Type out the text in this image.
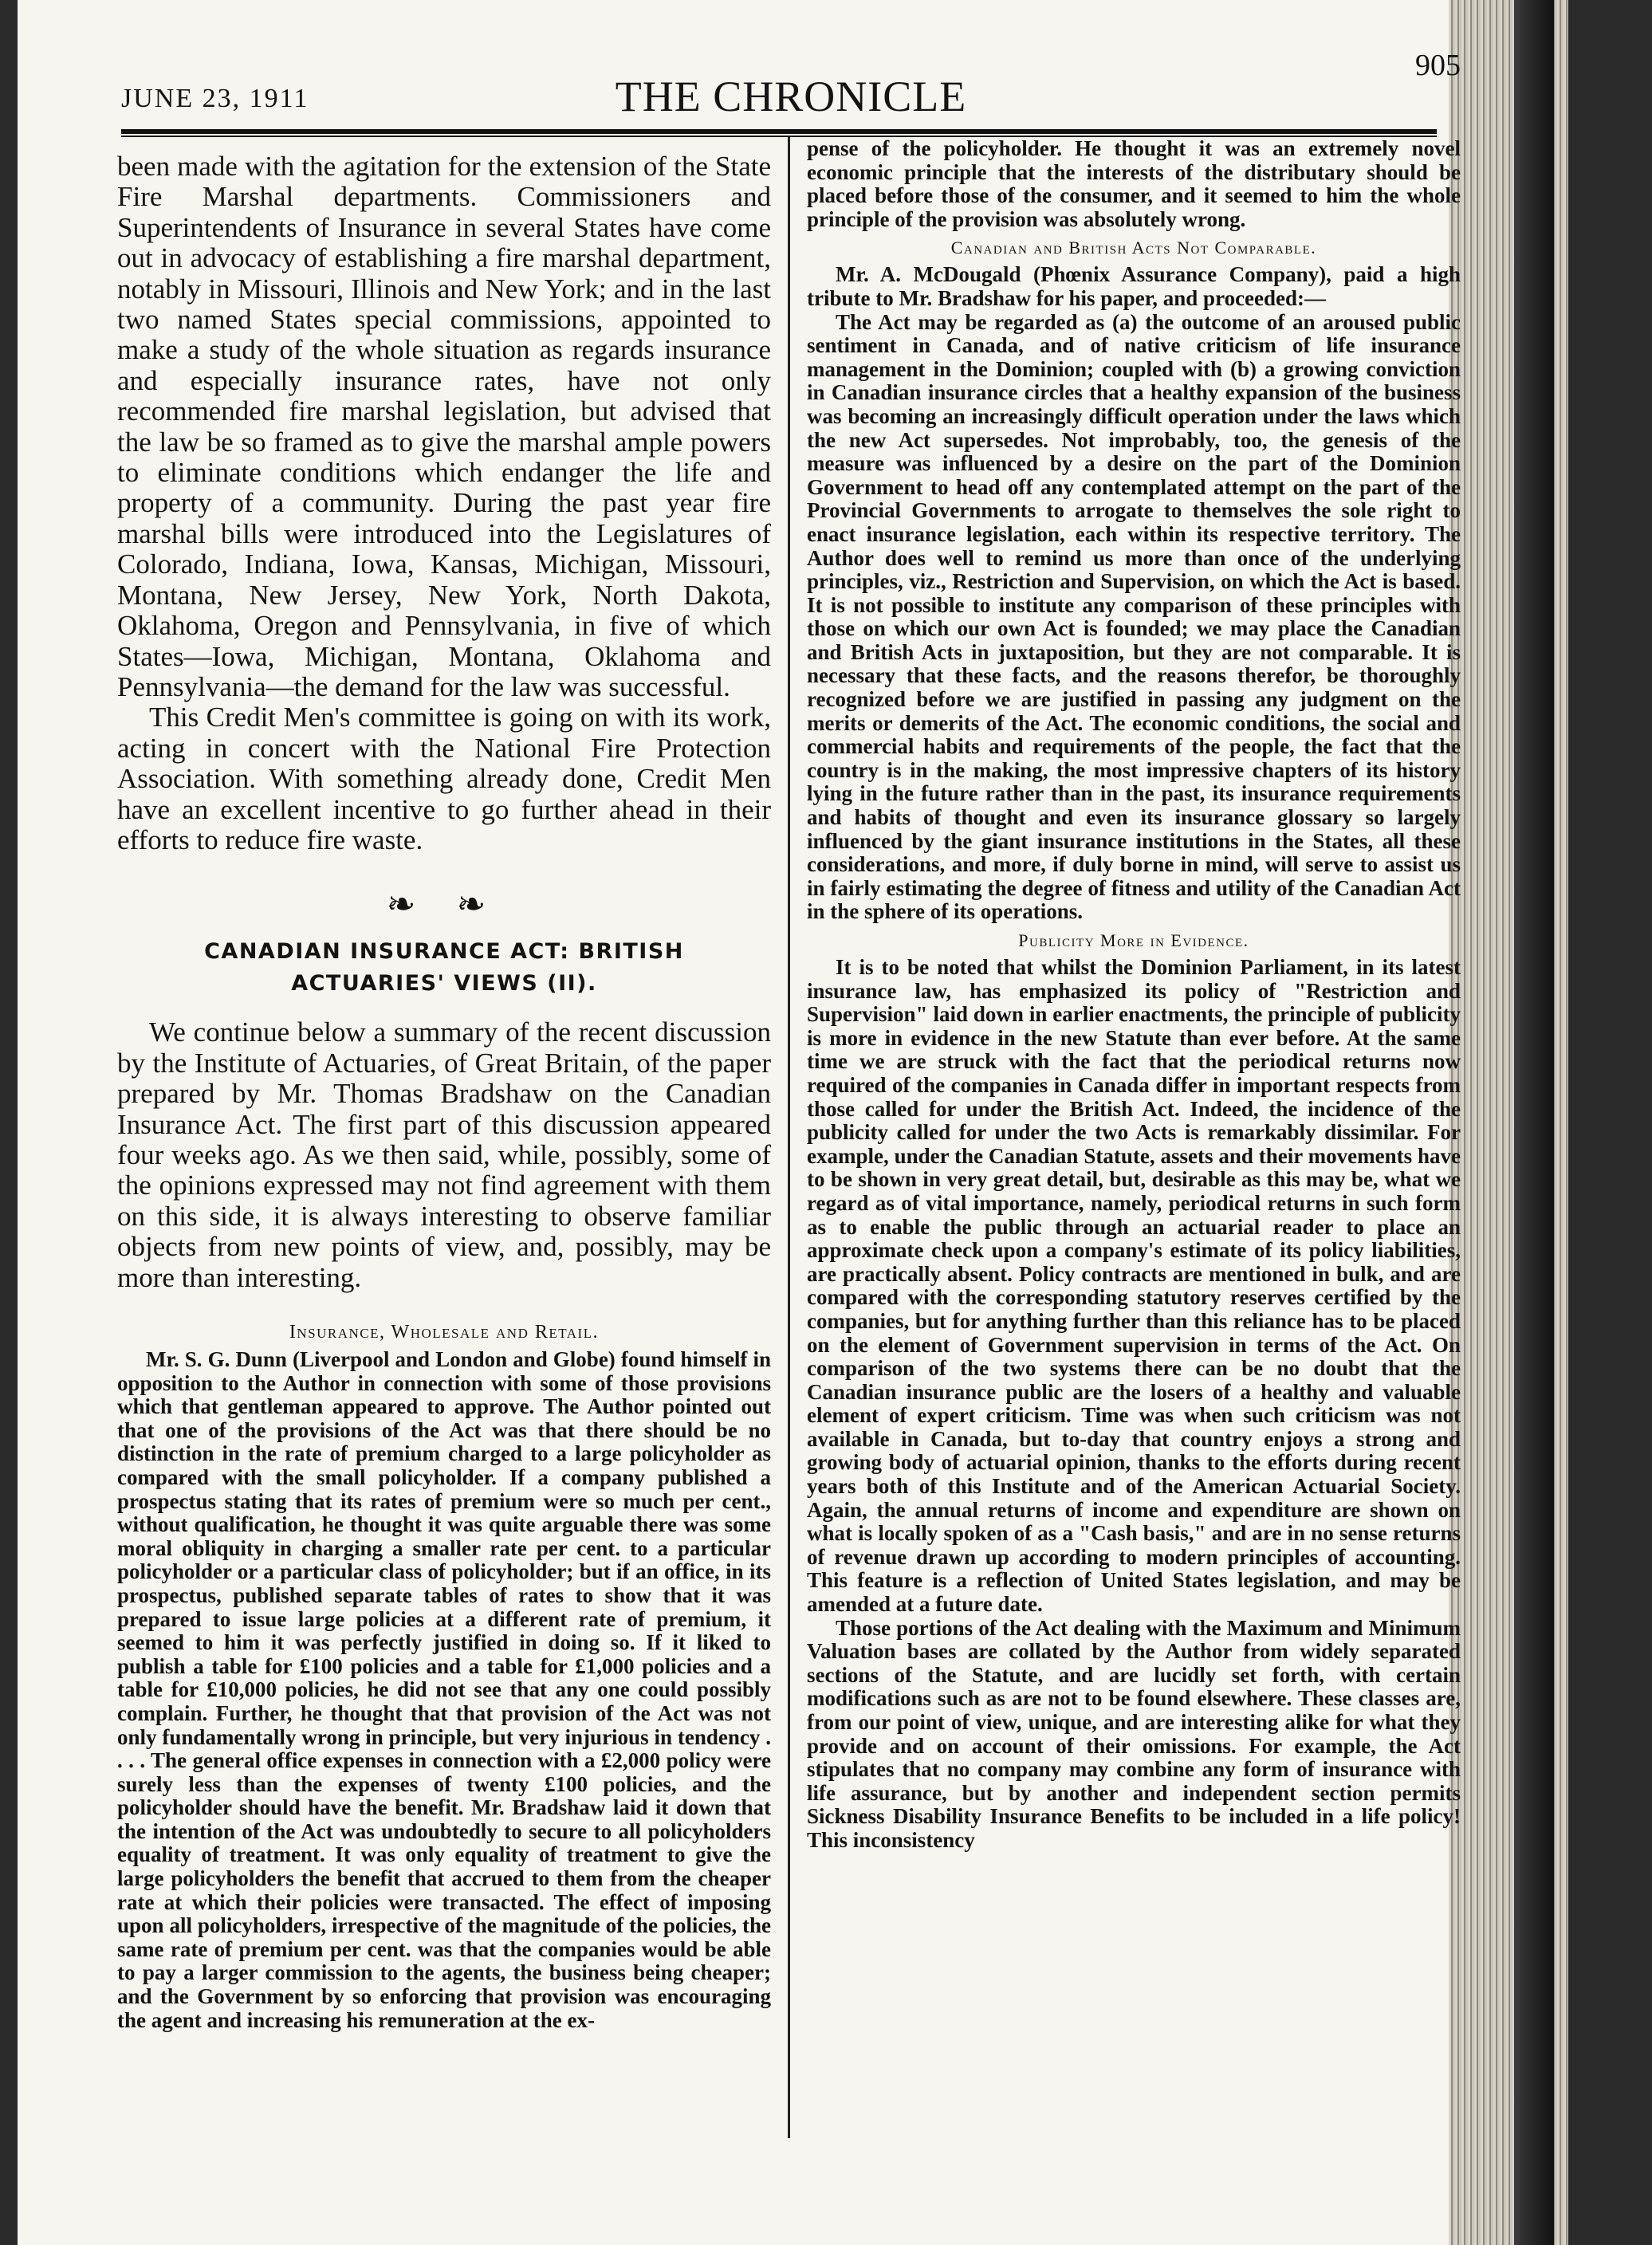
JUNE 23, 1911	THE CHRONICLE
905

been made with the agitation for the extension of the State Fire Marshal departments. Commissioners and Superintendents of Insurance in several States have come out in advocacy of establishing a fire marshal department, notably in Missouri, Illinois and New York; and in the last two named States special commissions, appointed to make a study of the whole situation as regards insurance and especially insurance rates, have not only recommended fire marshal legislation, but advised that the law be so framed as to give the marshal ample powers to eliminate conditions which endanger the life and property of a community. During the past year fire marshal bills were introduced into the Legislatures of Colorado, Indiana, Iowa, Kansas, Michigan, Missouri, Montana, New Jersey, New York, North Dakota, Oklahoma, Oregon and Pennsylvania, in five of which States—Iowa, Michigan, Montana, Oklahoma and Pennsylvania—the demand for the law was successful.

This Credit Men's committee is going on with its work, acting in concert with the National Fire Protection Association. With something already done, Credit Men have an excellent incentive to go further ahead in their efforts to reduce fire waste.

❧ ❧
CANADIAN INSURANCE ACT: BRITISH
ACTUARIES' VIEWS (II).

We continue below a summary of the recent discussion by the Institute of Actuaries, of Great Britain, of the paper prepared by Mr. Thomas Bradshaw on the Canadian Insurance Act. The first part of this discussion appeared four weeks ago. As we then said, while, possibly, some of the opinions expressed may not find agreement with them on this side, it is always interesting to observe familiar objects from new points of view, and, possibly, may be more than interesting.

Insurance, Wholesale and Retail.

Mr. S. G. Dunn (Liverpool and London and Globe) found himself in opposition to the Author in connection with some of those provisions which that gentleman appeared to approve. The Author pointed out that one of the provisions of the Act was that there should be no distinction in the rate of premium charged to a large policyholder as compared with the small policyholder. If a company published a prospectus stating that its rates of premium were so much per cent., without qualification, he thought it was quite arguable there was some moral obliquity in charging a smaller rate per cent. to a particular policyholder or a particular class of policyholder; but if an office, in its prospectus, published separate tables of rates to show that it was prepared to issue large policies at a different rate of premium, it seemed to him it was perfectly justified in doing so. If it liked to publish a table for £100 policies and a table for £1,000 policies and a table for £10,000 policies, he did not see that any one could possibly complain. Further, he thought that that provision of the Act was not only fundamentally wrong in principle, but very injurious in tendency . . . . The general office expenses in connection with a £2,000 policy were surely less than the expenses of twenty £100 policies, and the policyholder should have the benefit. Mr. Bradshaw laid it down that the intention of the Act was undoubtedly to secure to all policyholders equality of treatment. It was only equality of treatment to give the large policyholders the benefit that accrued to them from the cheaper rate at which their policies were transacted. The effect of imposing upon all policyholders, irrespective of the magnitude of the policies, the same rate of premium per cent. was that the companies would be able to pay a larger commission to the agents, the business being cheaper; and the Government by so enforcing that provision was encouraging the agent and increasing his remuneration at the ex-

pense of the policyholder. He thought it was an extremely novel economic principle that the interests of the distributary should be placed before those of the consumer, and it seemed to him the whole principle of the provision was absolutely wrong.

Canadian and British Acts Not Comparable.

Mr. A. McDougald (Phœnix Assurance Company), paid a high tribute to Mr. Bradshaw for his paper, and proceeded:—

The Act may be regarded as (a) the outcome of an aroused public sentiment in Canada, and of native criticism of life insurance management in the Dominion; coupled with (b) a growing conviction in Canadian insurance circles that a healthy expansion of the business was becoming an increasingly difficult operation under the laws which the new Act supersedes. Not improbably, too, the genesis of the measure was influenced by a desire on the part of the Dominion Government to head off any contemplated attempt on the part of the Provincial Governments to arrogate to themselves the sole right to enact insurance legislation, each within its respective territory. The Author does well to remind us more than once of the underlying principles, viz., Restriction and Supervision, on which the Act is based. It is not possible to institute any comparison of these principles with those on which our own Act is founded; we may place the Canadian and British Acts in juxtaposition, but they are not comparable. It is necessary that these facts, and the reasons therefor, be thoroughly recognized before we are justified in passing any judgment on the merits or demerits of the Act. The economic conditions, the social and commercial habits and requirements of the people, the fact that the country is in the making, the most impressive chapters of its history lying in the future rather than in the past, its insurance requirements and habits of thought and even its insurance glossary so largely influenced by the giant insurance institutions in the States, all these considerations, and more, if duly borne in mind, will serve to assist us in fairly estimating the degree of fitness and utility of the Canadian Act in the sphere of its operations.

Publicity More in Evidence.

It is to be noted that whilst the Dominion Parliament, in its latest insurance law, has emphasized its policy of "Restriction and Supervision" laid down in earlier enactments, the principle of publicity is more in evidence in the new Statute than ever before. At the same time we are struck with the fact that the periodical returns now required of the companies in Canada differ in important respects from those called for under the British Act. Indeed, the incidence of the publicity called for under the two Acts is remarkably dissimilar. For example, under the Canadian Statute, assets and their movements have to be shown in very great detail, but, desirable as this may be, what we regard as of vital importance, namely, periodical returns in such form as to enable the public through an actuarial reader to place an approximate check upon a company's estimate of its policy liabilities, are practically absent. Policy contracts are mentioned in bulk, and are compared with the corresponding statutory reserves certified by the companies, but for anything further than this reliance has to be placed on the element of Government supervision in terms of the Act. On comparison of the two systems there can be no doubt that the Canadian insurance public are the losers of a healthy and valuable element of expert criticism. Time was when such criticism was not available in Canada, but to-day that country enjoys a strong and growing body of actuarial opinion, thanks to the efforts during recent years both of this Institute and of the American Actuarial Society. Again, the annual returns of income and expenditure are shown on what is locally spoken of as a "Cash basis," and are in no sense returns of revenue drawn up according to modern principles of accounting. This feature is a reflection of United States legislation, and may be amended at a future date.

Those portions of the Act dealing with the Maximum and Minimum Valuation bases are collated by the Author from widely separated sections of the Statute, and are lucidly set forth, with certain modifications such as are not to be found elsewhere. These classes are, from our point of view, unique, and are interesting alike for what they provide and on account of their omissions. For example, the Act stipulates that no company may combine any form of insurance with life assurance, but by another and independent section permits Sickness Disability Insurance Benefits to be included in a life policy! This inconsistency
